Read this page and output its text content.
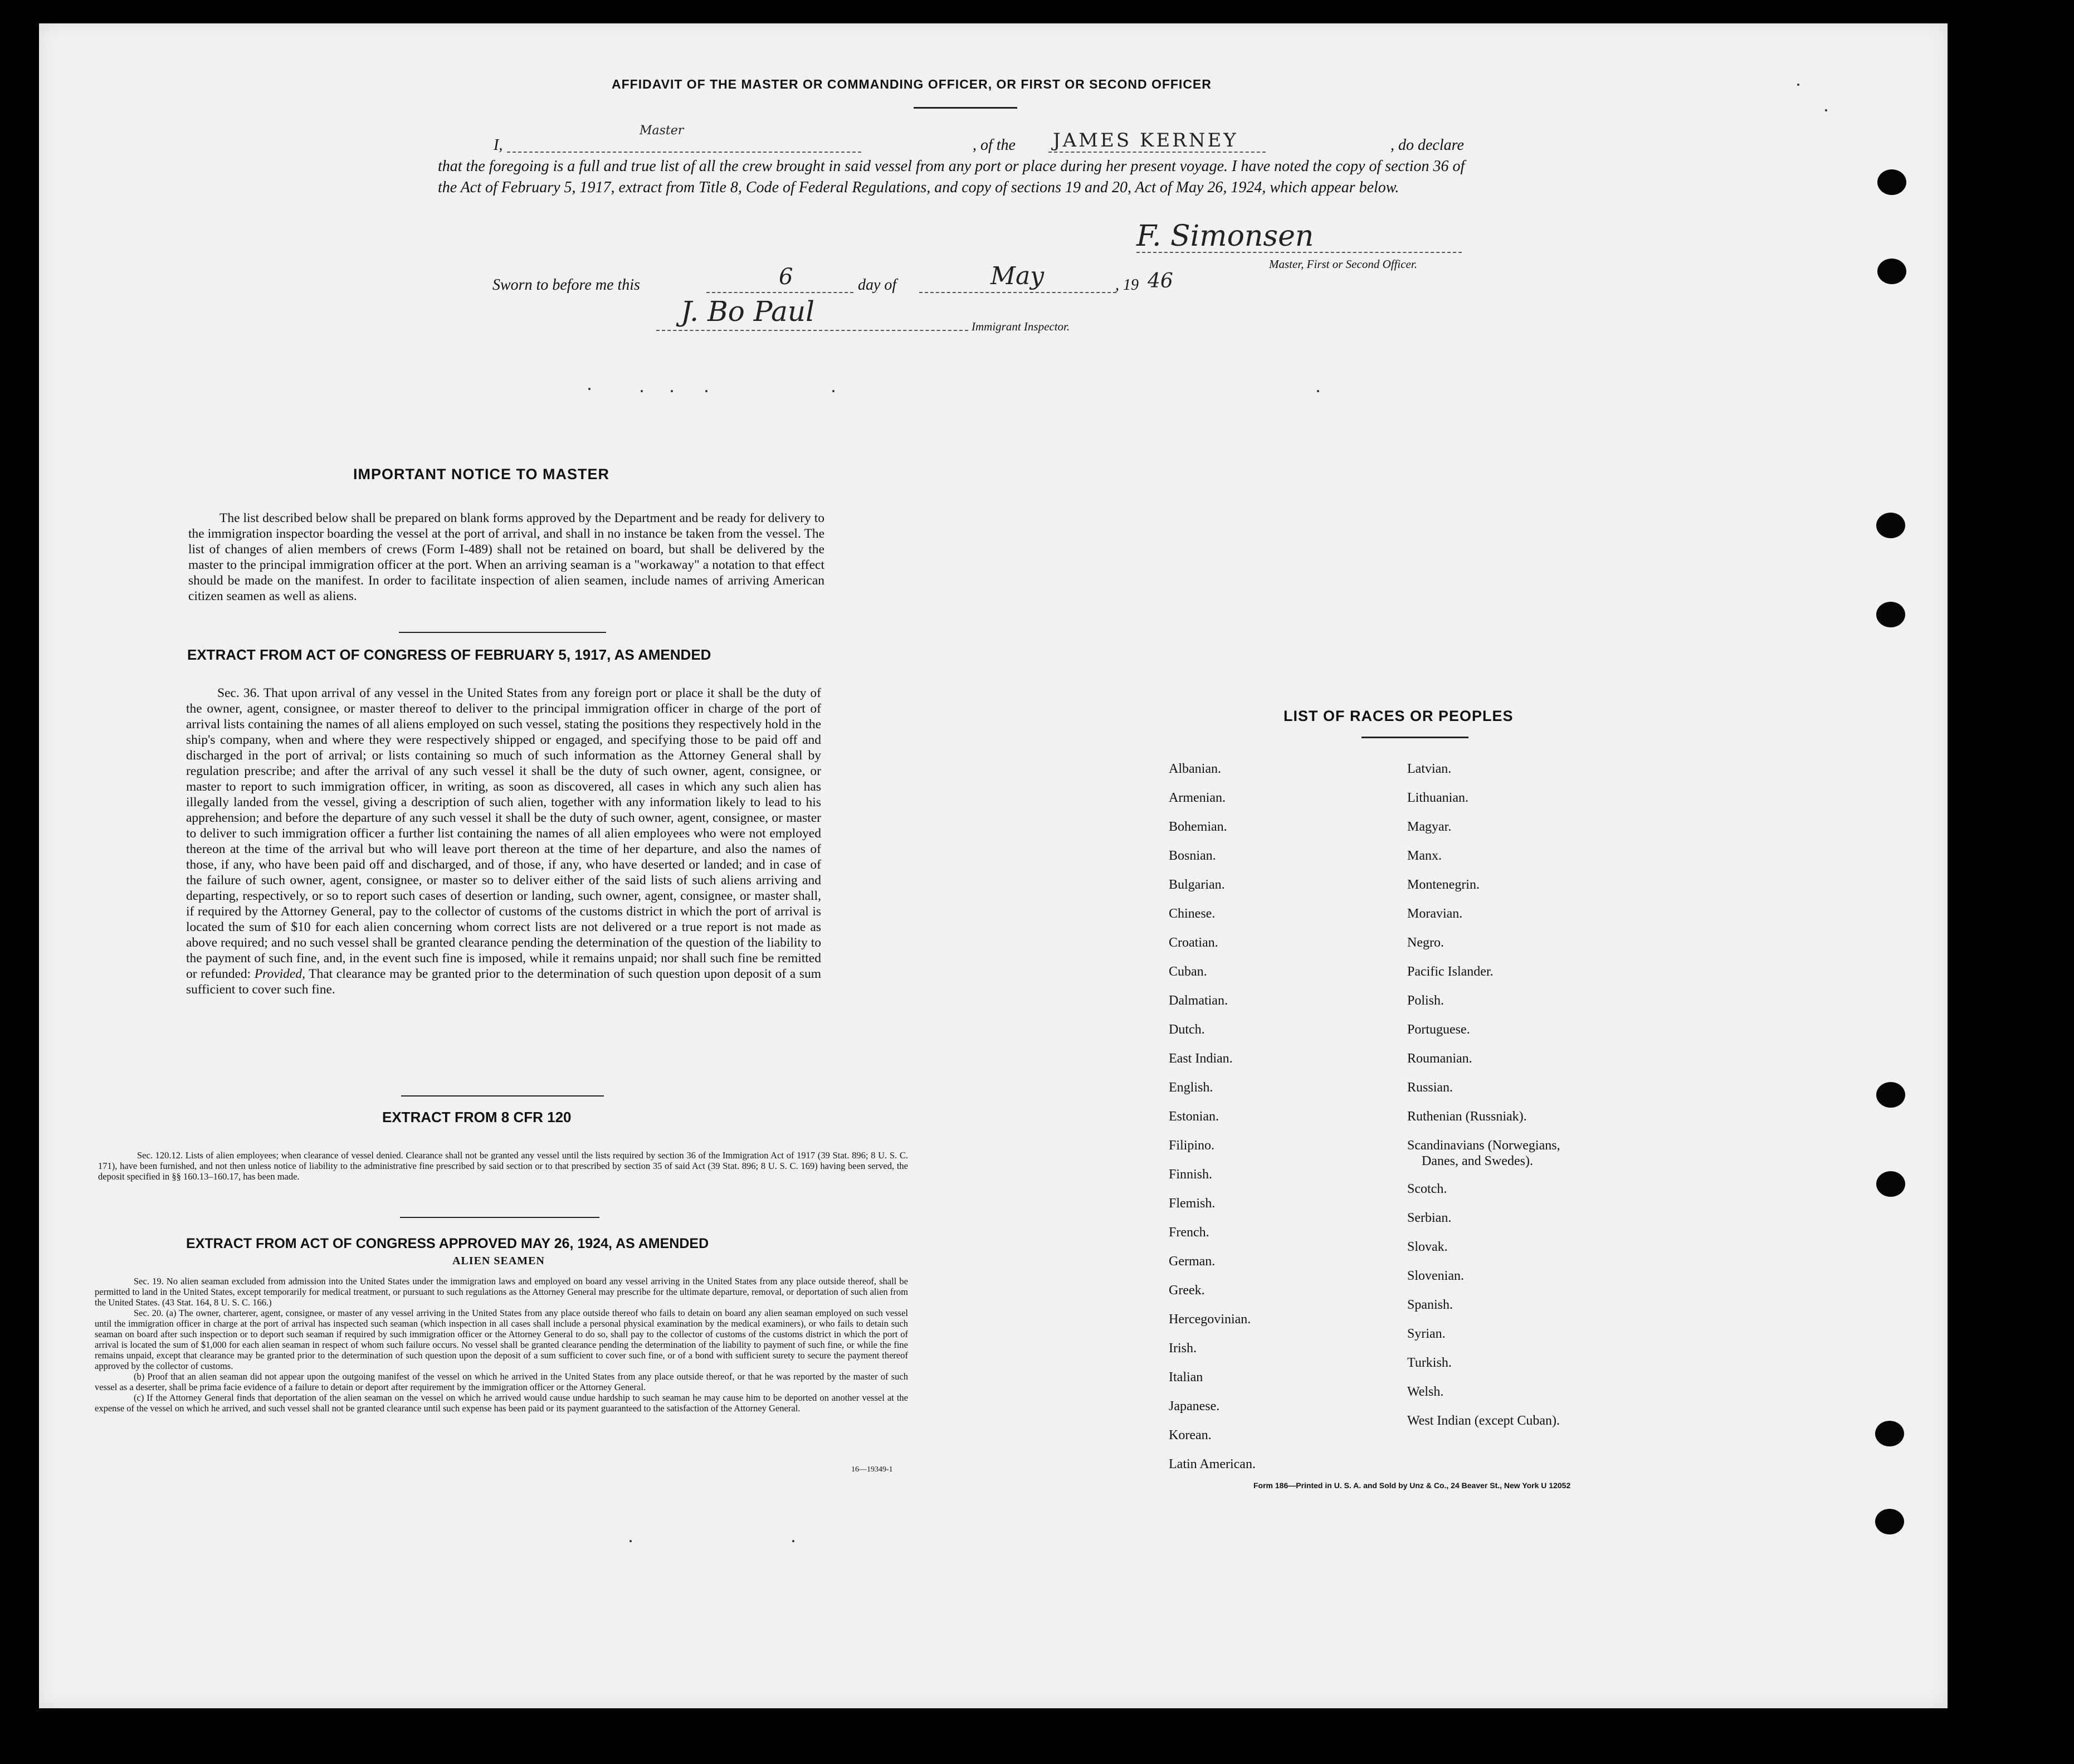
AFFIDAVIT OF THE MASTER OR COMMANDING OFFICER, OR FIRST OR SECOND OFFICER
I,	, of the	, do declare
that the foregoing is a full and true list of all the crew brought in said vessel from any port or place during her present voyage. I have noted the copy of section 36 of the Act of February 5, 1917, extract from Title 8, Code of Federal Regulations, and copy of sections 19 and 20, Act of May 26, 1924, which appear below.
Master	JAMES KERNEY
F. Simonsen
Master, First or Second Officer.
Sworn to before me this	6	day of	May	, 19 46
J. Bo Paul	Immigrant Inspector.
IMPORTANT NOTICE TO MASTER
The list described below shall be prepared on blank forms approved by the Department and be ready for delivery to the immigration inspector boarding the vessel at the port of arrival, and shall in no instance be taken from the vessel. The list of changes of alien members of crews (Form I-489) shall not be retained on board, but shall be delivered by the master to the principal immigration officer at the port. When an arriving seaman is a "workaway" a notation to that effect should be made on the manifest. In order to facilitate inspection of alien seamen, include names of arriving American citizen seamen as well as aliens.
EXTRACT FROM ACT OF CONGRESS OF FEBRUARY 5, 1917, AS AMENDED
Sec. 36. That upon arrival of any vessel in the United States from any foreign port or place it shall be the duty of the owner, agent, consignee, or master thereof to deliver to the principal immigration officer in charge of the port of arrival lists containing the names of all aliens employed on such vessel, stating the positions they respectively hold in the ship's company, when and where they were respectively shipped or engaged, and specifying those to be paid off and discharged in the port of arrival; or lists containing so much of such information as the Attorney General shall by regulation prescribe; and after the arrival of any such vessel it shall be the duty of such owner, agent, consignee, or master to report to such immigration officer, in writing, as soon as discovered, all cases in which any such alien has illegally landed from the vessel, giving a description of such alien, together with any information likely to lead to his apprehension; and before the departure of any such vessel it shall be the duty of such owner, agent, consignee, or master to deliver to such immigration officer a further list containing the names of all alien employees who were not employed thereon at the time of the arrival but who will leave port thereon at the time of her departure, and also the names of those, if any, who have been paid off and discharged, and of those, if any, who have deserted or landed; and in case of the failure of such owner, agent, consignee, or master so to deliver either of the said lists of such aliens arriving and departing, respectively, or so to report such cases of desertion or landing, such owner, agent, consignee, or master shall, if required by the Attorney General, pay to the collector of customs of the customs district in which the port of arrival is located the sum of $10 for each alien concerning whom correct lists are not delivered or a true report is not made as above required; and no such vessel shall be granted clearance pending the determination of the question of the liability to the payment of such fine, and, in the event such fine is imposed, while it remains unpaid; nor shall such fine be remitted or refunded: Provided, That clearance may be granted prior to the determination of such question upon deposit of a sum sufficient to cover such fine.
EXTRACT FROM 8 CFR 120
Sec. 120.12. Lists of alien employees; when clearance of vessel denied. Clearance shall not be granted any vessel until the lists required by section 36 of the Immigration Act of 1917 (39 Stat. 896; 8 U. S. C. 171), have been furnished, and not then unless notice of liability to the administrative fine prescribed by said section or to that prescribed by section 35 of said Act (39 Stat. 896; 8 U. S. C. 169) having been served, the deposit specified in §§ 160.13–160.17, has been made.
EXTRACT FROM ACT OF CONGRESS APPROVED MAY 26, 1924, AS AMENDED
ALIEN SEAMEN
Sec. 19. No alien seaman excluded from admission into the United States under the immigration laws and employed on board any vessel arriving in the United States from any place outside thereof, shall be permitted to land in the United States, except temporarily for medical treatment, or pursuant to such regulations as the Attorney General may prescribe for the ultimate departure, removal, or deportation of such alien from the United States. (43 Stat. 164, 8 U. S. C. 166.)
Sec. 20. (a) The owner, charterer, agent, consignee, or master of any vessel arriving in the United States from any place outside thereof who fails to detain on board any alien seaman employed on such vessel until the immigration officer in charge at the port of arrival has inspected such seaman (which inspection in all cases shall include a personal physical examination by the medical examiners), or who fails to detain such seaman on board after such inspection or to deport such seaman if required by such immigration officer or the Attorney General to do so, shall pay to the collector of customs of the customs district in which the port of arrival is located the sum of $1,000 for each alien seaman in respect of whom such failure occurs. No vessel shall be granted clearance pending the determination of the liability to payment of such fine, or while the fine remains unpaid, except that clearance may be granted prior to the determination of such question upon the deposit of a sum sufficient to cover such fine, or of a bond with sufficient surety to secure the payment thereof approved by the collector of customs.
(b) Proof that an alien seaman did not appear upon the outgoing manifest of the vessel on which he arrived in the United States from any place outside thereof, or that he was reported by the master of such vessel as a deserter, shall be prima facie evidence of a failure to detain or deport after requirement by the immigration officer or the Attorney General.
(c) If the Attorney General finds that deportation of the alien seaman on the vessel on which he arrived would cause undue hardship to such seaman he may cause him to be deported on another vessel at the expense of the vessel on which he arrived, and such vessel shall not be granted clearance until such expense has been paid or its payment guaranteed to the satisfaction of the Attorney General.
16—19349-1
LIST OF RACES OR PEOPLES
Albanian.
Armenian.
Bohemian.
Bosnian.
Bulgarian.
Chinese.
Croatian.
Cuban.
Dalmatian.
Dutch.
East Indian.
English.
Estonian.
Filipino.
Finnish.
Flemish.
French.
German.
Greek.
Hercegovinian.
Irish.
Italian
Japanese.
Korean.
Latin American.
Latvian.
Lithuanian.
Magyar.
Manx.
Montenegrin.
Moravian.
Negro.
Pacific Islander.
Polish.
Portuguese.
Roumanian.
Russian.
Ruthenian (Russniak).
Scandinavians (Norwegians,
Danes, and Swedes).
Scotch.
Serbian.
Slovak.
Slovenian.
Spanish.
Syrian.
Turkish.
Welsh.
West Indian (except Cuban).
Form 186—Printed in U. S. A. and Sold by Unz & Co., 24 Beaver St., New York U 12052
